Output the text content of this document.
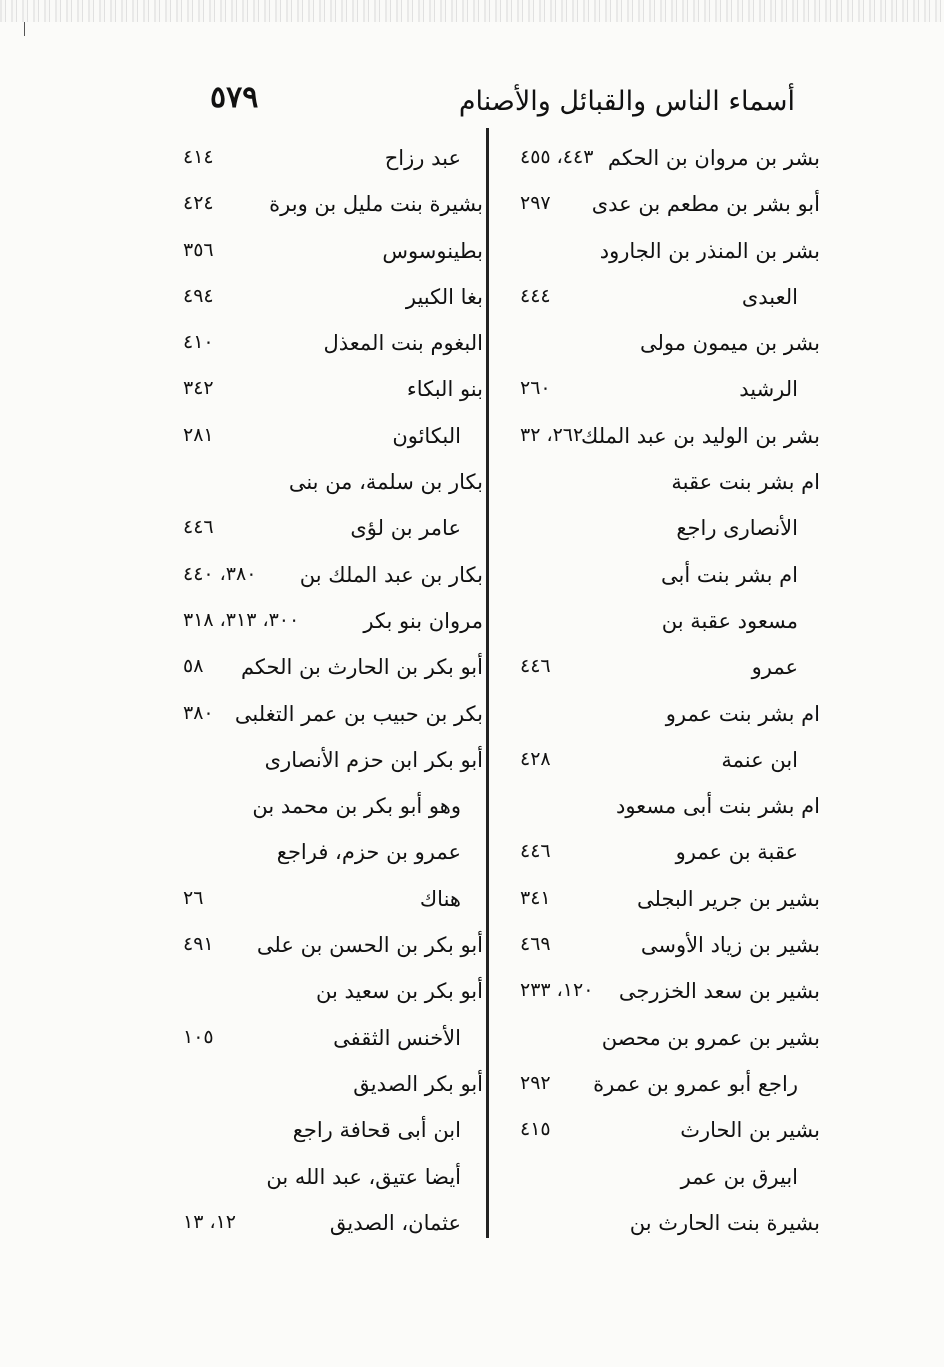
أسماء الناس والقبائل والأصنام
٥٧٩
بشر بن مروان بن الحكم
٤٤٣، ٤٥٥
أبو بشر بن مطعم بن عدى
٢٩٧
بشر بن المنذر بن الجارود
العبدى
٤٤٤
بشر بن ميمون مولى
الرشيد
٢٦٠
بشر بن الوليد بن عبد الملك
٢٦٢، ٣٢
ام بشر بنت عقبة
الأنصارى راجع
ام بشر بنت أبى
مسعود عقبة بن
عمرو
٤٤٦
ام بشر بنت عمرو
ابن عنمة
٤٢٨
ام بشر بنت أبى مسعود
عقبة بن عمرو
٤٤٦
بشير بن جرير البجلى
٣٤١
بشير بن زياد الأوسى
٤٦٩
بشير بن سعد الخزرجى
١٢٠، ٢٣٣
بشير بن عمرو بن محصن
راجع أبو عمرو بن عمرة
٢٩٢
بشير بن الحارث
٤١٥
ابيرق بن عمر
بشيرة بنت الحارث بن
عبد رزاح
٤١٤
بشيرة بنت مليل بن وبرة
٤٢٤
بطينوسوس
٣٥٦
بغا الكبير
٤٩٤
البغوم بنت المعذل
٤١٠
بنو البكاء
٣٤٢
البكائون
٢٨١
بكار بن سلمة، من بنى
عامر بن لؤى
٤٤٦
بكار بن عبد الملك بن
٣٨٠، ٤٤٠
مروان بنو بكر
٣٠٠، ٣١٣، ٣١٨
أبو بكر بن الحارث بن الحكم
٥٨
بكر بن حبيب بن عمر التغلبى
٣٨٠
أبو بكر ابن حزم الأنصارى
وهو أبو بكر بن محمد بن
عمرو بن حزم، فراجع
هناك
٢٦
أبو بكر بن الحسن بن على
٤٩١
أبو بكر بن سعيد بن
الأخنس الثقفى
١٠٥
أبو بكر الصديق
ابن أبى قحافة راجع
أيضا عتيق، عبد الله بن
عثمان، الصديق
١٢، ١٣
